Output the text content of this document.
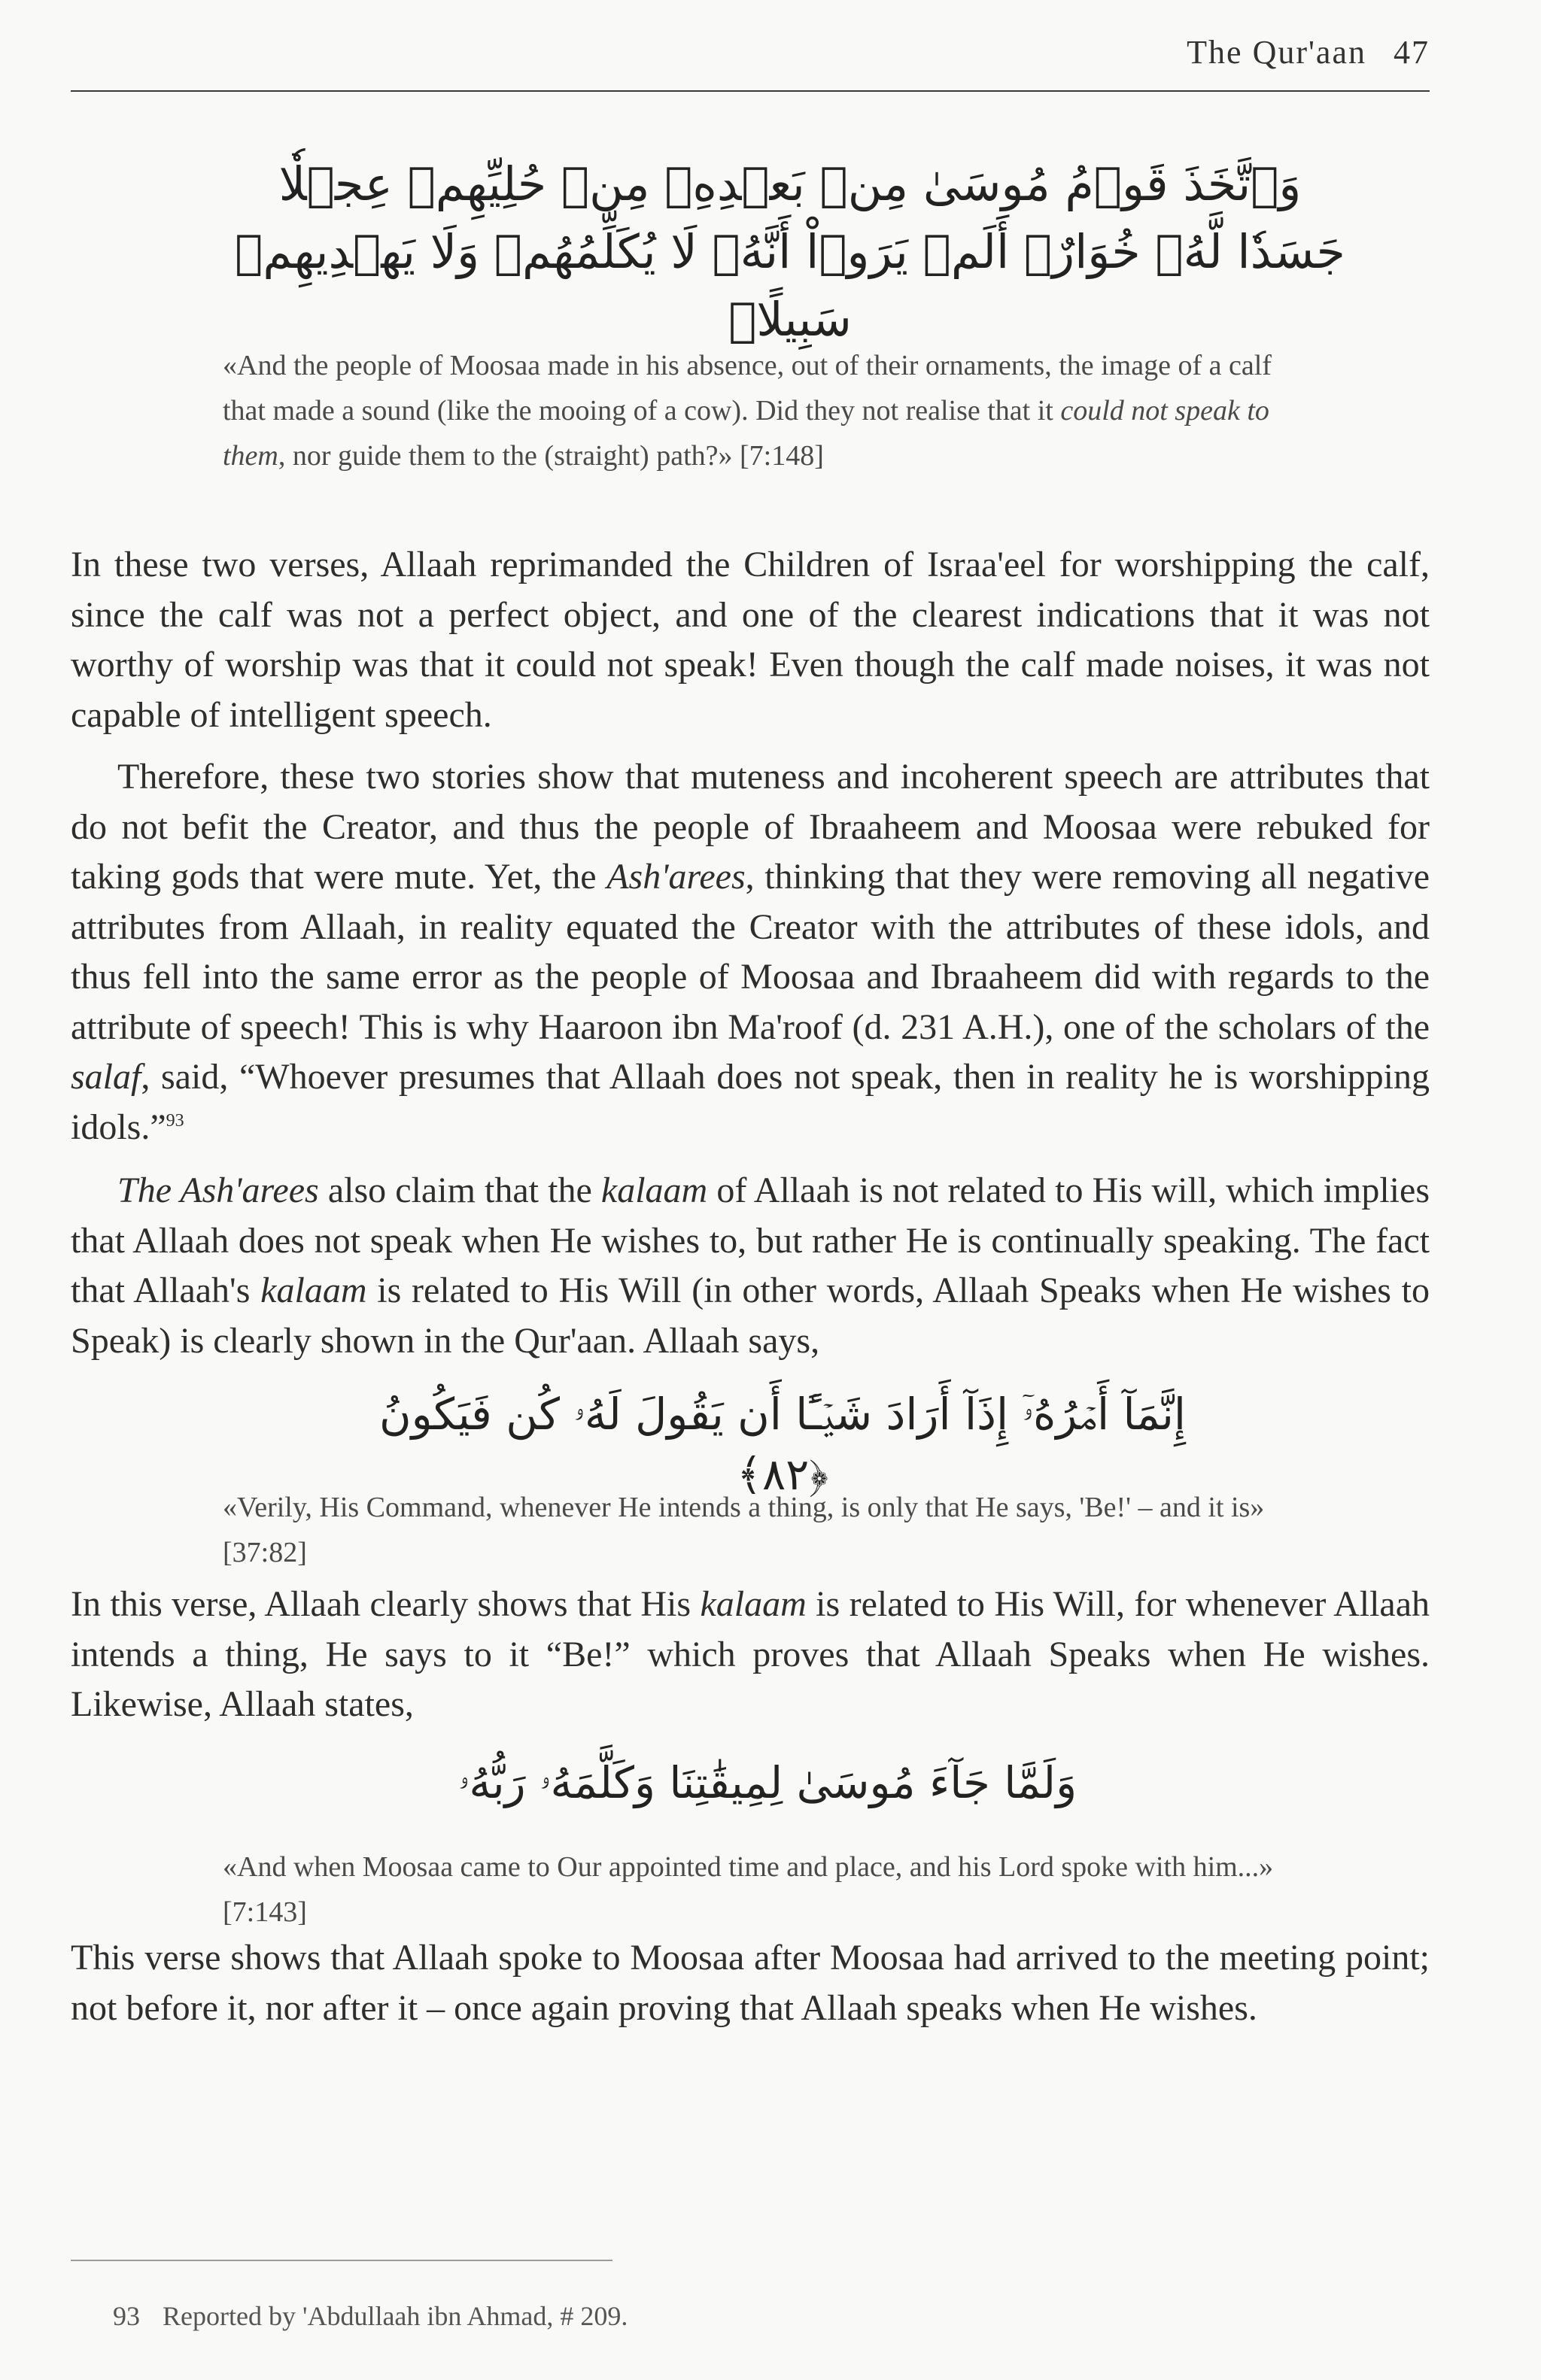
The Qur'aan 47
وَٱتَّخَذَ قَوۡمُ مُوسَىٰ مِنۢ بَعۡدِهِۦ مِنۡ حُلِيِّهِمۡ عِجۡلٗا جَسَدٗا لَّهُۥ خُوَارٌۚ أَلَمۡ يَرَوۡاْ أَنَّهُۥ لَا يُكَلِّمُهُمۡ وَلَا يَهۡدِيهِمۡ سَبِيلًاۘ
«And the people of Moosaa made in his absence, out of their ornaments, the image of a calf that made a sound (like the mooing of a cow). Did they not realise that it could not speak to them, nor guide them to the (straight) path?» [7:148]
In these two verses, Allaah reprimanded the Children of Israa'eel for worshipping the calf, since the calf was not a perfect object, and one of the clearest indications that it was not worthy of worship was that it could not speak! Even though the calf made noises, it was not capable of intelligent speech.
Therefore, these two stories show that muteness and incoherent speech are attributes that do not befit the Creator, and thus the people of Ibraaheem and Moosaa were rebuked for taking gods that were mute. Yet, the Ash'arees, thinking that they were removing all negative attributes from Allaah, in reality equated the Creator with the attributes of these idols, and thus fell into the same error as the people of Moosaa and Ibraaheem did with regards to the attribute of speech! This is why Haaroon ibn Ma'roof (d. 231 A.H.), one of the scholars of the salaf, said, “Whoever presumes that Allaah does not speak, then in reality he is worshipping idols.”$^{93}$
The Ash'arees also claim that the kalaam of Allaah is not related to His will, which implies that Allaah does not speak when He wishes to, but rather He is continually speaking. The fact that Allaah's kalaam is related to His Will (in other words, Allaah Speaks when He wishes to Speak) is clearly shown in the Qur'aan. Allaah says,
إِنَّمَآ أَمۡرُهُۥٓ إِذَآ أَرَادَ شَيۡـًٔا أَن يَقُولَ لَهُۥ كُن فَيَكُونُ ﴿٨٢﴾
«Verily, His Command, whenever He intends a thing, is only that He says, 'Be!' – and it is» [37:82]
In this verse, Allaah clearly shows that His kalaam is related to His Will, for whenever Allaah intends a thing, He says to it “Be!” which proves that Allaah Speaks when He wishes. Likewise, Allaah states,
وَلَمَّا جَآءَ مُوسَىٰ لِمِيقَٰتِنَا وَكَلَّمَهُۥ رَبُّهُۥ
«And when Moosaa came to Our appointed time and place, and his Lord spoke with him...» [7:143]
This verse shows that Allaah spoke to Moosaa after Moosaa had arrived to the meeting point; not before it, nor after it – once again proving that Allaah speaks when He wishes.
93 Reported by 'Abdullaah ibn Ahmad, # 209.
